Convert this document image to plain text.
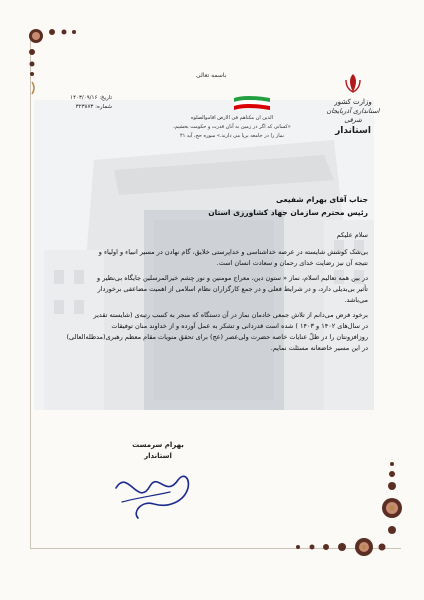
وزارت کشور
استانداری آذربایجان شرقی
استاندار
باسمه تعالی
الذین ان مکناهم فی الارض اقاموالصلوه
«کسانی که اگر در زمین به آنان قدرت و حکومت بخشیم،
نماز را در جامعه برپا می دارند.» سوره حج، آیه ۴۱
تاریخ: ۱۴۰۳/۰۹/۱۶
شماره: ۳۲۳۸۷۳
جناب آقای بهرام شفیعی
رئیس محترم سازمان جهاد کشاورزی استان
سلام علیکم

بی‌شک کوشش شایسته در عرصه خداشناسی و خداپرستی خلایق، گام نهادن در مسیر انبیاء و اولیاء و
نتیجه آن نیز رضایت خدای رحمان و سعادت انسان است.

در بین همه تعالیم اسلام، نماز « ستون دین، معراج مومنین و نور چشم خیرالمرسلین جایگاه بی‌نظیر و
تأثیر بی‌بدیلی دارد، و در شرایط فعلی و در جمع کارگزاران نظام اسلامی از اهمیت مضاعفی برخوردار
می‌باشد.

برخود فرض می‌دانم از تلاش جمعی خادمان نماز در آن دستگاه که منجر به کسب رتبه‌ی (شایسته تقدیر
در سال‌های ۱۴۰۲ و ۱۴۰۳ ) شده است قدردانی و تشکر به عمل آورده و از خداوند منان توفیقات
روزافزونتان را در ظلّ عنایات خاصه حضرت ولی‌عصر (عج) برای تحقق منویات مقام معظم رهبری(مدظله‌العالی)
در این مسیر خاضعانه مسئلت نمایم.

بهرام سرمست
استاندار
